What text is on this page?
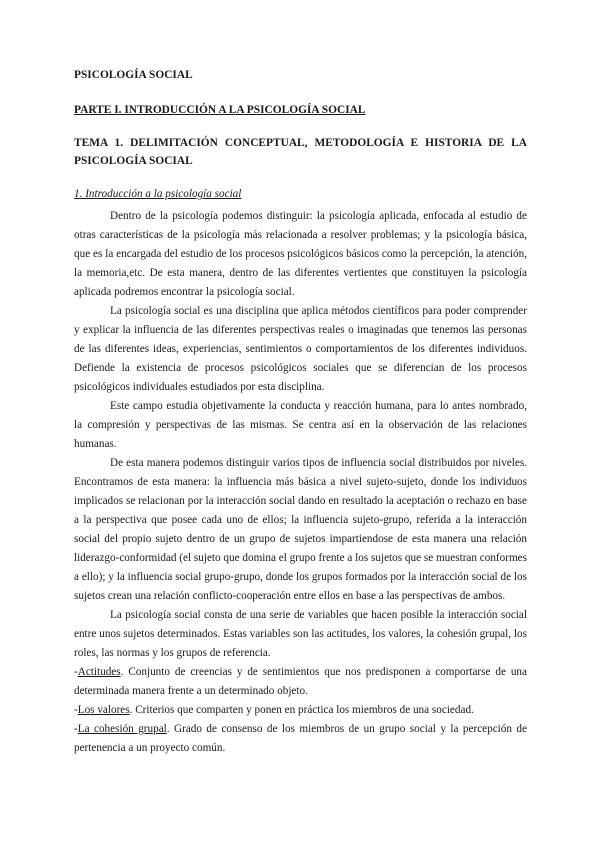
PSICOLOGÍA SOCIAL
PARTE I. INTRODUCCIÓN A LA PSICOLOGÍA SOCIAL
TEMA 1. DELIMITACIÓN CONCEPTUAL, METODOLOGÍA E HISTORIA DE LA PSICOLOGÍA SOCIAL
1. Introducción a la psicología social

Dentro de la psicología podemos distinguir: la psicología aplicada, enfocada al estudio de otras características de la psicología más relacionada a resolver problemas; y la psicología básica, que es la encargada del estudio de los procesos psicológicos básicos como la percepción, la atención, la memoria,etc. De esta manera, dentro de las diferentes vertientes que constituyen la psicología aplicada podremos encontrar la psicología social.

La psicología social es una disciplina que aplica métodos científicos para poder comprender y explicar la influencia de las diferentes perspectivas reales o imaginadas que tenemos las personas de las diferentes ideas, experiencias, sentimientos o comportamientos de los diferentes individuos. Defiende la existencia de procesos psicológicos sociales que se diferencian de los procesos psicológicos individuales estudiados por esta disciplina.

Este campo estudia objetivamente la conducta y reacción humana, para lo antes nombrado, la compresión y perspectivas de las mismas. Se centra así en la observación de las relaciones humanas.

De esta manera podemos distinguir varios tipos de influencia social distribuidos por niveles. Encontramos de esta manera: la influencia más básica a nivel sujeto-sujeto, donde los individuos implicados se relacionan por la interacción social dando en resultado la aceptación o rechazo en base a la perspectiva que posee cada uno de ellos; la influencia sujeto-grupo, referida a la interacción social del propio sujeto dentro de un grupo de sujetos impartiendose de esta manera una relación liderazgo-conformidad (el sujeto que domina el grupo frente a los sujetos que se muestran conformes a ello); y la influencia social grupo-grupo, donde los grupos formados por la interacción social de los sujetos crean una relación conflicto-cooperación entre ellos en base a las perspectivas de ambos.

La psicología social consta de una serie de variables que hacen posible la interacción social entre unos sujetos determinados. Estas variables son las actitudes, los valores, la cohesión grupal, los roles, las normas y los grupos de referencia.

-Actitudes. Conjunto de creencias y de sentimientos que nos predisponen a comportarse de una determinada manera frente a un determinado objeto.

-Los valores. Criterios que comparten y ponen en práctica los miembros de una sociedad.

-La cohesión grupal. Grado de consenso de los miembros de un grupo social y la percepción de pertenencia a un proyecto común.
